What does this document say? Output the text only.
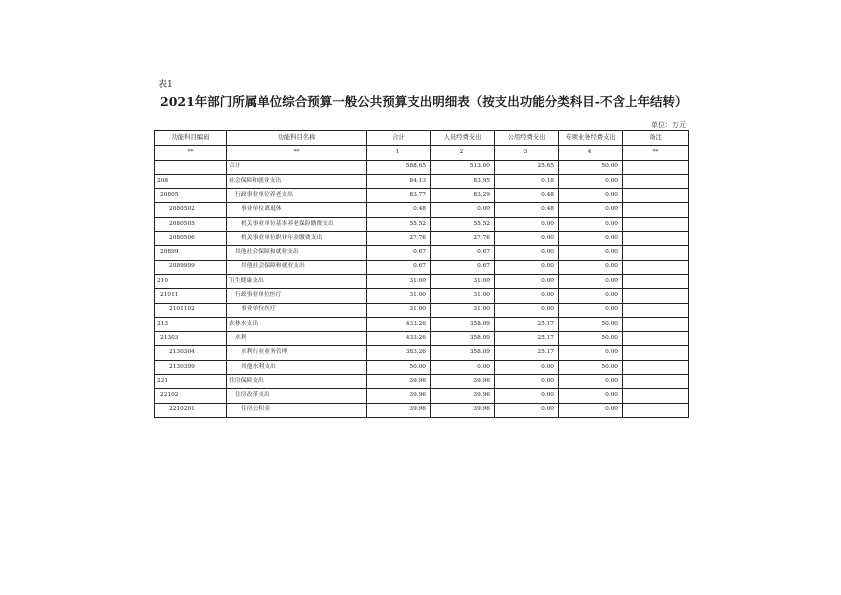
表1
2021年部门所属单位综合预算一般公共预算支出明细表（按支出功能分类科目-不含上年结转）
单位：万元
功能科目编码	功能科目名称	合计	人员经费支出	公用经费支出	专项业务经费支出	备注
**	**	1	2	3	4	**
	合计	588.65	513.00	25.65	50.00	
208	社会保障和就业支出	84.13	83.95	0.18	0.00	
20805	行政事业单位养老支出	83.77	83.29	0.48	0.00	
2080502	事业单位离退休	0.48	0.00	0.48	0.00	
2080505	机关事业单位基本养老保险缴费支出	55.52	55.52	0.00	0.00	
2080506	机关事业单位职业年金缴费支出	27.76	27.76	0.00	0.00	
20899	其他社会保障和就业支出	0.67	0.67	0.00	0.00	
2089999	其他社会保障和就业支出	0.67	0.67	0.00	0.00	
210	卫生健康支出	31.00	31.00	0.00	0.00	
21011	行政事业单位医疗	31.00	31.00	0.00	0.00	
2101102	事业单位医疗	31.00	31.00	0.00	0.00	
213	农林水支出	433.26	358.09	25.17	50.00	
21303	水利	433.26	358.09	25.17	50.00	
2130304	水利行业业务管理	383.26	358.09	25.17	0.00	
2130399	其他水利支出	50.00	0.00	0.00	50.00	
221	住房保障支出	39.96	39.96	0.00	0.00	
22102	住房改革支出	39.96	39.96	0.00	0.00	
2210201	住房公积金	39.96	39.96	0.00	0.00	
